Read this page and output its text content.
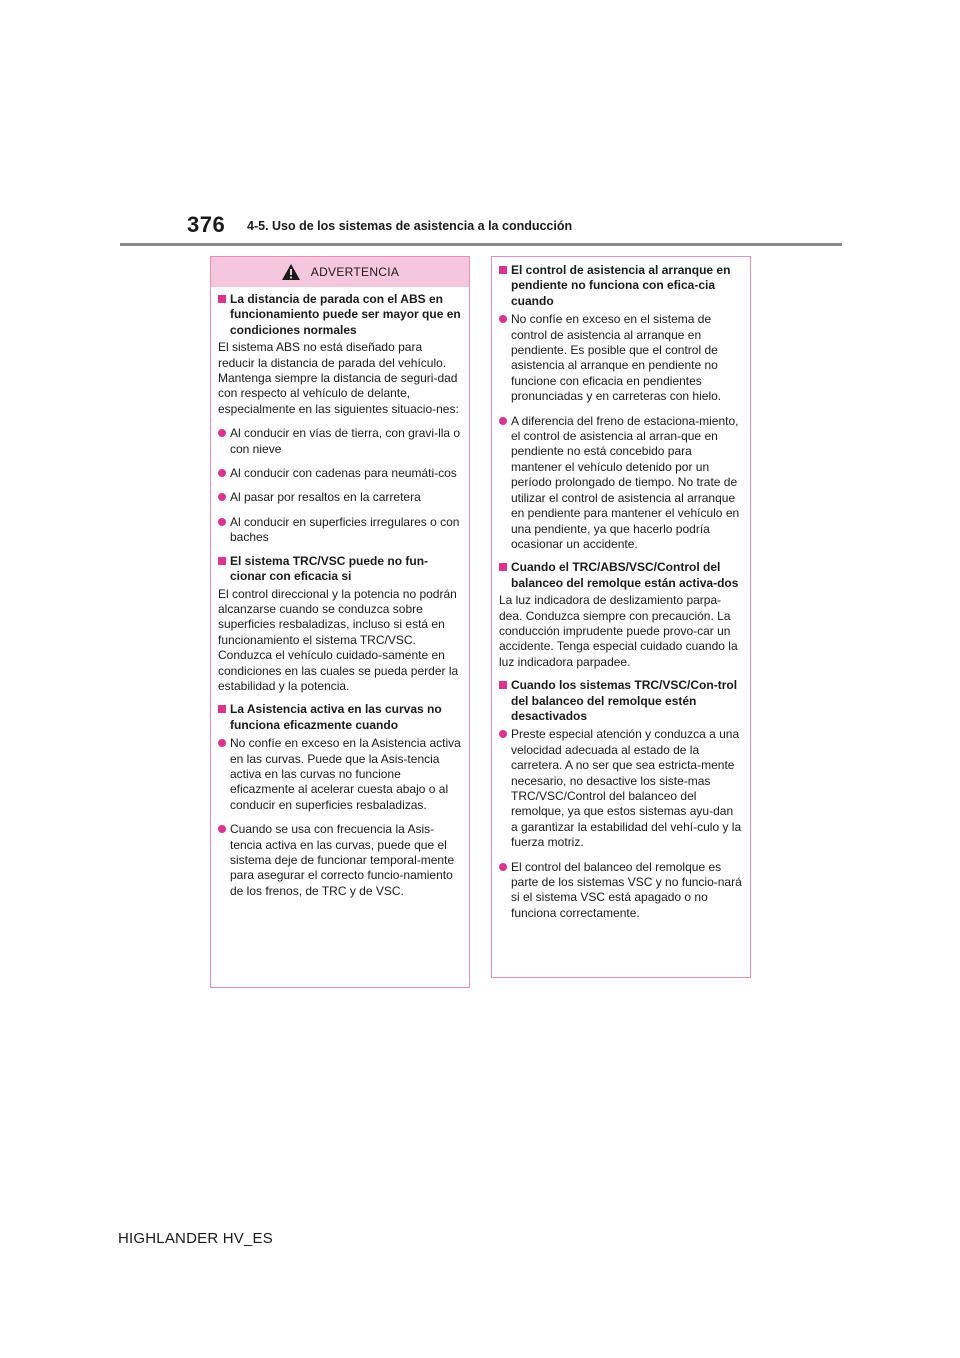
376 4-5. Uso de los sistemas de asistencia a la conducción
ADVERTENCIA
La distancia de parada con el ABS en funcionamiento puede ser mayor que en condiciones normales
El sistema ABS no está diseñado para reducir la distancia de parada del vehículo. Mantenga siempre la distancia de seguri-dad con respecto al vehículo de delante, especialmente en las siguientes situacio-nes:
Al conducir en vías de tierra, con gravi-lla o con nieve
Al conducir con cadenas para neumáti-cos
Al pasar por resaltos en la carretera
Al conducir en superficies irregulares o con baches
El sistema TRC/VSC puede no fun-cionar con eficacia si
El control direccional y la potencia no podrán alcanzarse cuando se conduzca sobre superficies resbaladizas, incluso si está en funcionamiento el sistema TRC/VSC. Conduzca el vehículo cuidado-samente en condiciones en las cuales se pueda perder la estabilidad y la potencia.
La Asistencia activa en las curvas no funciona eficazmente cuando
No confíe en exceso en la Asistencia activa en las curvas. Puede que la Asis-tencia activa en las curvas no funcione eficazmente al acelerar cuesta abajo o al conducir en superficies resbaladizas.
Cuando se usa con frecuencia la Asis-tencia activa en las curvas, puede que el sistema deje de funcionar temporal-mente para asegurar el correcto funcio-namiento de los frenos, de TRC y de VSC.
El control de asistencia al arranque en pendiente no funciona con efica-cia cuando
No confíe en exceso en el sistema de control de asistencia al arranque en pendiente. Es posible que el control de asistencia al arranque en pendiente no funcione con eficacia en pendientes pronunciadas y en carreteras con hielo.
A diferencia del freno de estaciona-miento, el control de asistencia al arran-que en pendiente no está concebido para mantener el vehículo detenido por un período prolongado de tiempo. No trate de utilizar el control de asistencia al arranque en pendiente para mantener el vehículo en una pendiente, ya que hacerlo podría ocasionar un accidente.
Cuando el TRC/ABS/VSC/Control del balanceo del remolque están activa-dos
La luz indicadora de deslizamiento parpa-dea. Conduzca siempre con precaución. La conducción imprudente puede provo-car un accidente. Tenga especial cuidado cuando la luz indicadora parpadee.
Cuando los sistemas TRC/VSC/Con-trol del balanceo del remolque estén desactivados
Preste especial atención y conduzca a una velocidad adecuada al estado de la carretera. A no ser que sea estricta-mente necesario, no desactive los siste-mas TRC/VSC/Control del balanceo del remolque, ya que estos sistemas ayu-dan a garantizar la estabilidad del vehí-culo y la fuerza motriz.
El control del balanceo del remolque es parte de los sistemas VSC y no funcio-nará si el sistema VSC está apagado o no funciona correctamente.
HIGHLANDER HV_ES
